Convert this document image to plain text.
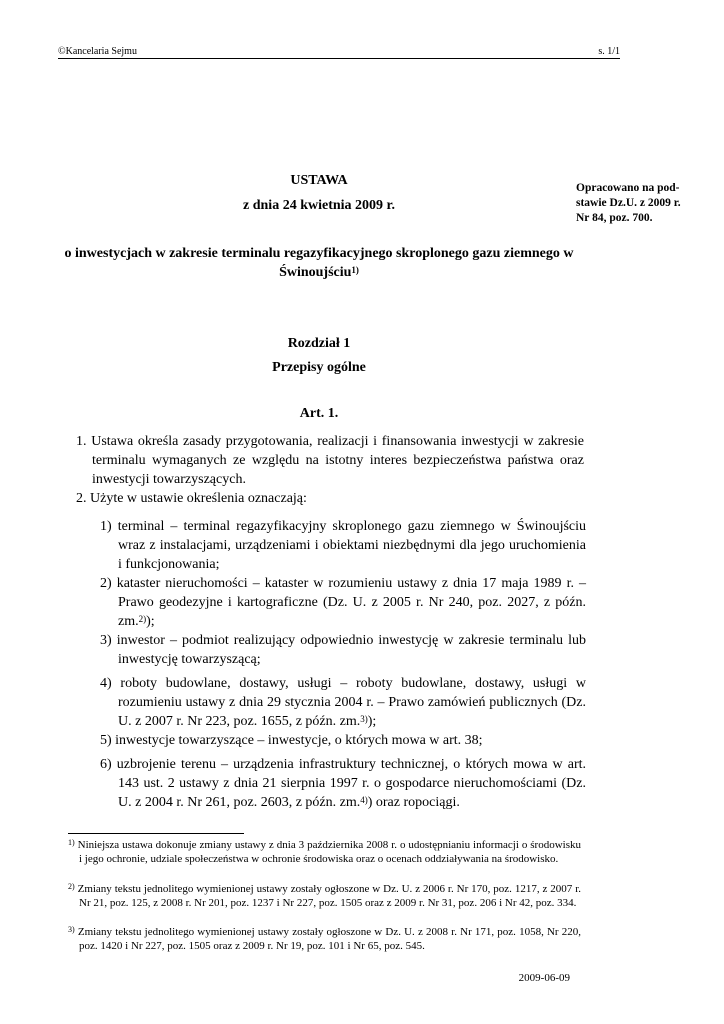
©Kancelaria Sejmu	s. 1/1
Opracowano na pod-stawie Dz.U. z 2009 r. Nr 84, poz. 700.
USTAWA
z dnia 24 kwietnia 2009 r.
o inwestycjach w zakresie terminalu regazyfikacyjnego skroplonego gazu ziemnego w Świnoujściu$^{1)}$
Rozdział 1
Przepisy ogólne
Art. 1.
1. Ustawa określa zasady przygotowania, realizacji i finansowania inwestycji w zakresie terminalu wymaganych ze względu na istotny interes bezpieczeństwa państwa oraz inwestycji towarzyszących.
2. Użyte w ustawie określenia oznaczają:
1) terminal – terminal regazyfikacyjny skroplonego gazu ziemnego w Świnoujściu wraz z instalacjami, urządzeniami i obiektami niezbędnymi dla jego uruchomienia i funkcjonowania;
2) kataster nieruchomości – kataster w rozumieniu ustawy z dnia 17 maja 1989 r. – Prawo geodezyjne i kartograficzne (Dz. U. z 2005 r. Nr 240, poz. 2027, z późn. zm.$^{2)}$);
3) inwestor – podmiot realizujący odpowiednio inwestycję w zakresie terminalu lub inwestycję towarzyszącą;
4) roboty budowlane, dostawy, usługi – roboty budowlane, dostawy, usługi w rozumieniu ustawy z dnia 29 stycznia 2004 r. – Prawo zamówień publicznych (Dz. U. z 2007 r. Nr 223, poz. 1655, z późn. zm.$^{3)}$);
5) inwestycje towarzyszące – inwestycje, o których mowa w art. 38;
6) uzbrojenie terenu – urządzenia infrastruktury technicznej, o których mowa w art. 143 ust. 2 ustawy z dnia 21 sierpnia 1997 r. o gospodarce nieruchomościami (Dz. U. z 2004 r. Nr 261, poz. 2603, z późn. zm.$^{4)}$) oraz ropociągi.
$^{1)}$ Niniejsza ustawa dokonuje zmiany ustawy z dnia 3 października 2008 r. o udostępnianiu informacji o środowisku i jego ochronie, udziale społeczeństwa w ochronie środowiska oraz o ocenach oddziaływania na środowisko.
$^{2)}$ Zmiany tekstu jednolitego wymienionej ustawy zostały ogłoszone w Dz. U. z 2006 r. Nr 170, poz. 1217, z 2007 r. Nr 21, poz. 125, z 2008 r. Nr 201, poz. 1237 i Nr 227, poz. 1505 oraz z 2009 r. Nr 31, poz. 206 i Nr 42, poz. 334.
$^{3)}$ Zmiany tekstu jednolitego wymienionej ustawy zostały ogłoszone w Dz. U. z 2008 r. Nr 171, poz. 1058, Nr 220, poz. 1420 i Nr 227, poz. 1505 oraz z 2009 r. Nr 19, poz. 101 i Nr 65, poz. 545.
2009-06-09
